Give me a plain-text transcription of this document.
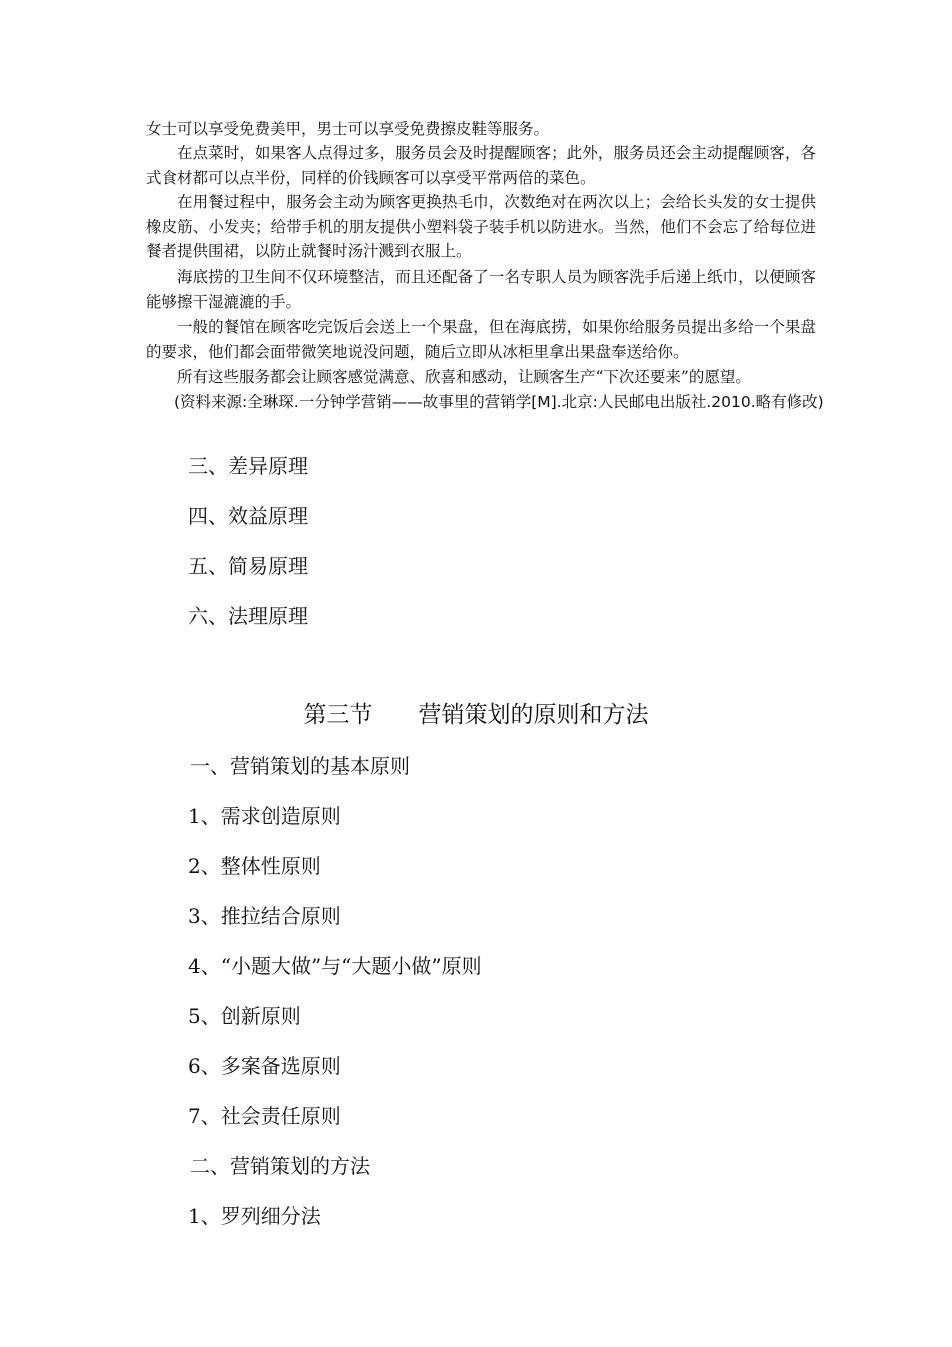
女士可以享受免费美甲，男士可以享受免费擦皮鞋等服务。

在点菜时，如果客人点得过多，服务员会及时提醒顾客；此外，服务员还会主动提醒顾客，各式食材都可以点半份，同样的价钱顾客可以享受平常两倍的菜色。

在用餐过程中，服务会主动为顾客更换热毛巾，次数绝对在两次以上；会给长头发的女士提供橡皮筋、小发夹；给带手机的朋友提供小塑料袋子装手机以防进水。当然，他们不会忘了给每位进餐者提供围裙，以防止就餐时汤汁溅到衣服上。

海底捞的卫生间不仅环境整洁，而且还配备了一名专职人员为顾客洗手后递上纸巾，以便顾客能够擦干湿漉漉的手。

一般的餐馆在顾客吃完饭后会送上一个果盘，但在海底捞，如果你给服务员提出多给一个果盘的要求，他们都会面带微笑地说没问题，随后立即从冰柜里拿出果盘奉送给你。

所有这些服务都会让顾客感觉满意、欣喜和感动，让顾客生产“下次还要来”的愿望。

(资料来源:全琳琛.一分钟学营销——故事里的营销学[M].北京:人民邮电出版社.2010.略有修改)

三、差异原理

四、效益原理

五、简易原理

六、法理原理

第三节 营销策划的原则和方法

一、营销策划的基本原则

1、需求创造原则

2、整体性原则

3、推拉结合原则

4、“小题大做”与“大题小做”原则

5、创新原则

6、多案备选原则

7、社会责任原则

二、营销策划的方法

1、罗列细分法
